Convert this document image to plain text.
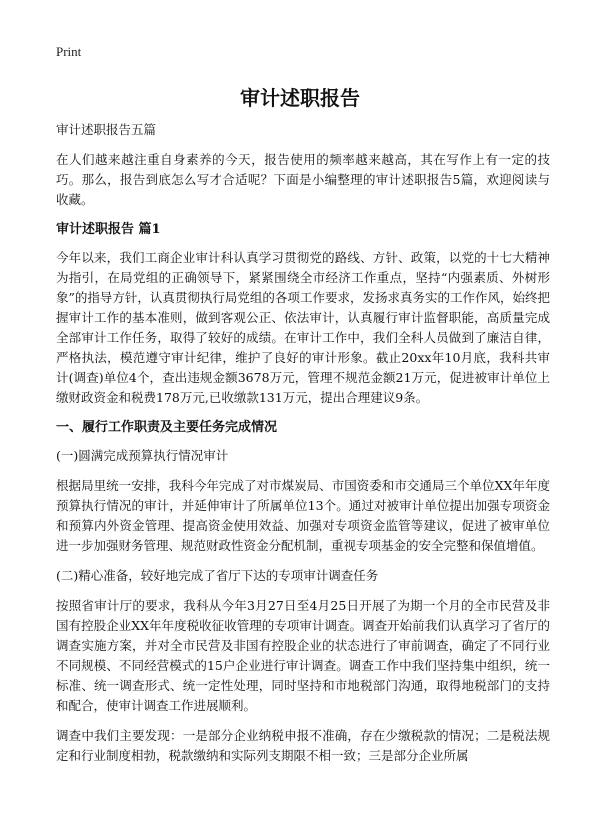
Print
审计述职报告

审计述职报告五篇

在人们越来越注重自身素养的今天，报告使用的频率越来越高，其在写作上有一定的技巧。那么，报告到底怎么写才合适呢？下面是小编整理的审计述职报告5篇，欢迎阅读与收藏。

审计述职报告 篇1

今年以来，我们工商企业审计科认真学习贯彻党的路线、方针、政策，以党的十七大精神为指引，在局党组的正确领导下，紧紧围绕全市经济工作重点，坚持“内强素质、外树形象”的指导方针，认真贯彻执行局党组的各项工作要求，发扬求真务实的工作作风，始终把握审计工作的基本准则，做到客观公正、依法审计，认真履行审计监督职能，高质量完成全部审计工作任务，取得了较好的成绩。在审计工作中，我们全科人员做到了廉洁自律，严格执法，模范遵守审计纪律，维护了良好的审计形象。截止20xx年10月底，我科共审计(调查)单位4个，查出违规金额3678万元，管理不规范金额21万元，促进被审计单位上缴财政资金和税费178万元,已收缴款131万元，提出合理建议9条。

一、履行工作职责及主要任务完成情况
(一)圆满完成预算执行情况审计

根据局里统一安排，我科今年完成了对市煤炭局、市国资委和市交通局三个单位XX年年度预算执行情况的审计，并延伸审计了所属单位13个。通过对被审计单位提出加强专项资金和预算内外资金管理、提高资金使用效益、加强对专项资金监管等建议，促进了被审单位进一步加强财务管理、规范财政性资金分配机制，重视专项基金的安全完整和保值增值。

(二)精心准备，较好地完成了省厅下达的专项审计调查任务

按照省审计厅的要求，我科从今年3月27日至4月25日开展了为期一个月的全市民营及非国有控股企业XX年年度税收征收管理的专项审计调查。调查开始前我们认真学习了省厅的调查实施方案，并对全市民营及非国有控股企业的状态进行了审前调查，确定了不同行业不同规模、不同经营模式的15户企业进行审计调查。调查工作中我们坚持集中组织，统一标准、统一调查形式、统一定性处理，同时坚持和市地税部门沟通，取得地税部门的支持和配合，使审计调查工作进展顺利。

调查中我们主要发现：一是部分企业纳税申报不准确，存在少缴税款的情况；二是税法规定和行业制度相勃，税款缴纳和实际列支期限不相一致；三是部分企业所属
